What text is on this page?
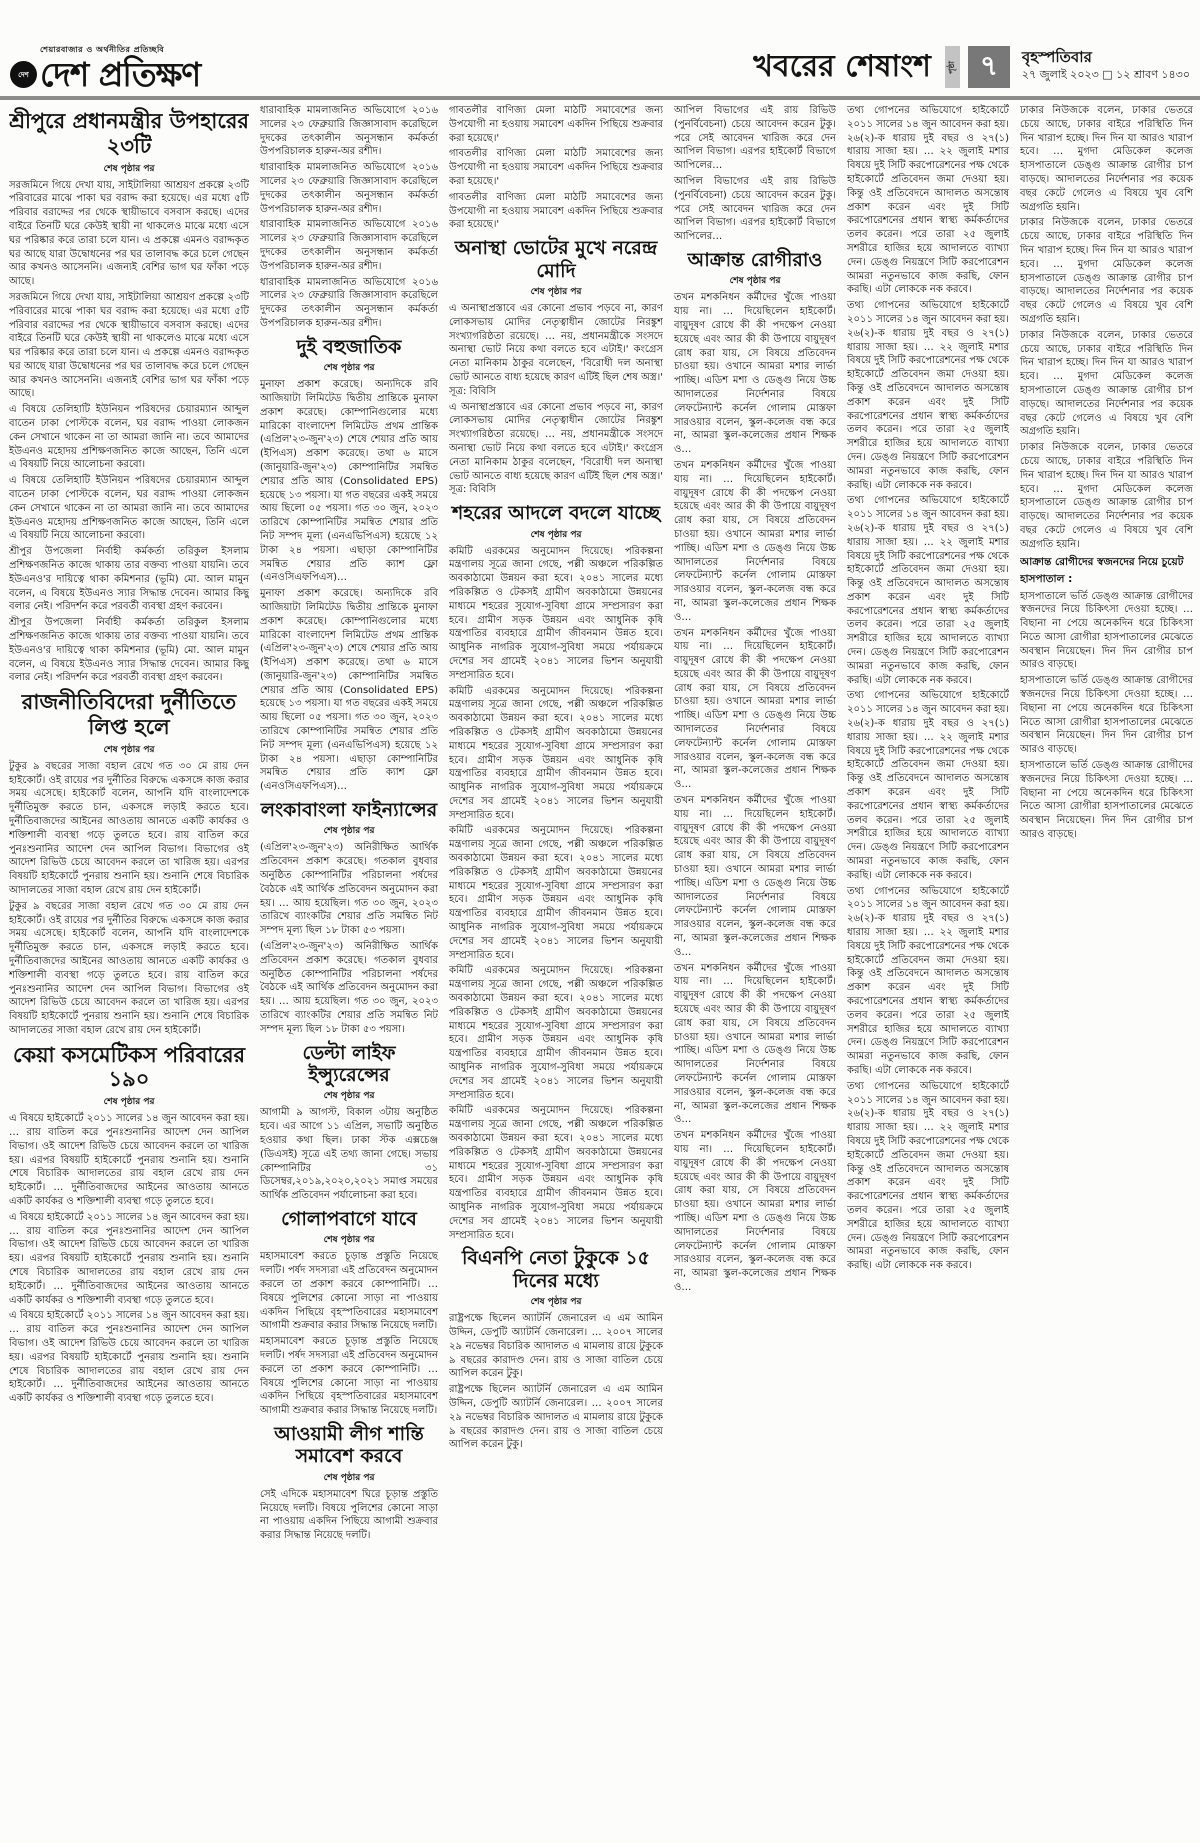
শেয়ারবাজার ও অর্থনীতির প্রতিচ্ছবি
দেশ দেশ প্রতিক্ষণ	খবরের শেষাংশ পৃষ্ঠা ৭	বৃহস্পতিবার
২৭ জুলাই ২০২৩ □ ১২ শ্রাবণ ১৪৩০
শ্রীপুরে প্রধানমন্ত্রীর উপহারের ২৩টি
শেষ পৃষ্ঠার পর

সরজমিনে গিয়ে দেখা যায়, সাইটালিয়া আশ্রয়ণ প্রকল্পে ২৩টি পরিবারের মাঝে পাকা ঘর বরাদ্দ করা হয়েছে। এর মধ্যে ৫টি পরিবার বরাদ্দের পর থেকে স্থায়ীভাবে বসবাস করছে। এদের বাইরে তিনটি ঘরে কেউই স্থায়ী না থাকলেও মাঝে মধ্যে এসে ঘর পরিষ্কার করে তারা চলে যান। এ প্রকল্পে এমনও বরাদ্দকৃত ঘর আছে যারা উদ্বোধনের পর ঘর তালাবদ্ধ করে চলে গেছেন আর কখনও আসেননি। এজন্যই বেশির ভাগ ঘর ফাঁকা পড়ে আছে।

সরজমিনে গিয়ে দেখা যায়, সাইটালিয়া আশ্রয়ণ প্রকল্পে ২৩টি পরিবারের মাঝে পাকা ঘর বরাদ্দ করা হয়েছে। এর মধ্যে ৫টি পরিবার বরাদ্দের পর থেকে স্থায়ীভাবে বসবাস করছে। এদের বাইরে তিনটি ঘরে কেউই স্থায়ী না থাকলেও মাঝে মধ্যে এসে ঘর পরিষ্কার করে তারা চলে যান। এ প্রকল্পে এমনও বরাদ্দকৃত ঘর আছে যারা উদ্বোধনের পর ঘর তালাবদ্ধ করে চলে গেছেন আর কখনও আসেননি। এজন্যই বেশির ভাগ ঘর ফাঁকা পড়ে আছে।

এ বিষয়ে তেলিহাটি ইউনিয়ন পরিষদের চেয়ারম্যান আব্দুল বাতেন ঢাকা পোস্টকে বলেন, ঘর বরাদ্দ পাওয়া লোকজন কেন সেখানে থাকেন না তা আমরা জানি না। তবে আমাদের ইউএনও মহোদয় প্রশিক্ষণজনিত কাজে আছেন, তিনি এলে এ বিষয়টি নিয়ে আলোচনা করবো।

এ বিষয়ে তেলিহাটি ইউনিয়ন পরিষদের চেয়ারম্যান আব্দুল বাতেন ঢাকা পোস্টকে বলেন, ঘর বরাদ্দ পাওয়া লোকজন কেন সেখানে থাকেন না তা আমরা জানি না। তবে আমাদের ইউএনও মহোদয় প্রশিক্ষণজনিত কাজে আছেন, তিনি এলে এ বিষয়টি নিয়ে আলোচনা করবো।

শ্রীপুর উপজেলা নির্বাহী কর্মকর্তা তরিকুল ইসলাম প্রশিক্ষণজনিত কাজে থাকায় তার বক্তব্য পাওয়া যায়নি। তবে ইউএনও'র দায়িত্বে থাকা কমিশনার (ভূমি) মো. আল মামুন বলেন, এ বিষয়ে ইউএনও স্যার সিদ্ধান্ত দেবেন। আমার কিছু বলার নেই। পরিদর্শন করে পরবর্তী ব্যবস্থা গ্রহণ করবেন।

শ্রীপুর উপজেলা নির্বাহী কর্মকর্তা তরিকুল ইসলাম প্রশিক্ষণজনিত কাজে থাকায় তার বক্তব্য পাওয়া যায়নি। তবে ইউএনও'র দায়িত্বে থাকা কমিশনার (ভূমি) মো. আল মামুন বলেন, এ বিষয়ে ইউএনও স্যার সিদ্ধান্ত দেবেন। আমার কিছু বলার নেই। পরিদর্শন করে পরবর্তী ব্যবস্থা গ্রহণ করবেন।

রাজনীতিবিদেরা দুর্নীতিতে লিপ্ত হলে
শেষ পৃষ্ঠার পর

টুকুর ৯ বছরের সাজা বহাল রেখে গত ৩০ মে রায় দেন হাইকোর্ট। ওই রায়ের পর দুর্নীতির বিরুদ্ধে একসঙ্গে কাজ করার সময় এসেছে। হাইকোর্ট বলেন, আপনি যদি বাংলাদেশকে দুর্নীতিমুক্ত করতে চান, একসঙ্গে লড়াই করতে হবে। দুর্নীতিবাজদের আইনের আওতায় আনতে একটি কার্যকর ও শক্তিশালী ব্যবস্থা গড়ে তুলতে হবে। রায় বাতিল করে পুনঃশুনানির আদেশ দেন আপিল বিভাগ। বিভাগের ওই আদেশ রিভিউ চেয়ে আবেদন করলে তা খারিজ হয়। এরপর বিষয়টি হাইকোর্টে পুনরায় শুনানি হয়। শুনানি শেষে বিচারিক আদালতের সাজা বহাল রেখে রায় দেন হাইকোর্ট।

টুকুর ৯ বছরের সাজা বহাল রেখে গত ৩০ মে রায় দেন হাইকোর্ট। ওই রায়ের পর দুর্নীতির বিরুদ্ধে একসঙ্গে কাজ করার সময় এসেছে। হাইকোর্ট বলেন, আপনি যদি বাংলাদেশকে দুর্নীতিমুক্ত করতে চান, একসঙ্গে লড়াই করতে হবে। দুর্নীতিবাজদের আইনের আওতায় আনতে একটি কার্যকর ও শক্তিশালী ব্যবস্থা গড়ে তুলতে হবে। রায় বাতিল করে পুনঃশুনানির আদেশ দেন আপিল বিভাগ। বিভাগের ওই আদেশ রিভিউ চেয়ে আবেদন করলে তা খারিজ হয়। এরপর বিষয়টি হাইকোর্টে পুনরায় শুনানি হয়। শুনানি শেষে বিচারিক আদালতের সাজা বহাল রেখে রায় দেন হাইকোর্ট।

কেয়া কসমেটিকস পরিবারের ১৯০
শেষ পৃষ্ঠার পর

এ বিষয়ে হাইকোর্টে ২০১১ সালের ১৪ জুন আবেদন করা হয়। … রায় বাতিল করে পুনঃশুনানির আদেশ দেন আপিল বিভাগ। ওই আদেশ রিভিউ চেয়ে আবেদন করলে তা খারিজ হয়। এরপর বিষয়টি হাইকোর্টে পুনরায় শুনানি হয়। শুনানি শেষে বিচারিক আদালতের রায় বহাল রেখে রায় দেন হাইকোর্ট। … দুর্নীতিবাজদের আইনের আওতায় আনতে একটি কার্যকর ও শক্তিশালী ব্যবস্থা গড়ে তুলতে হবে।

এ বিষয়ে হাইকোর্টে ২০১১ সালের ১৪ জুন আবেদন করা হয়। … রায় বাতিল করে পুনঃশুনানির আদেশ দেন আপিল বিভাগ। ওই আদেশ রিভিউ চেয়ে আবেদন করলে তা খারিজ হয়। এরপর বিষয়টি হাইকোর্টে পুনরায় শুনানি হয়। শুনানি শেষে বিচারিক আদালতের রায় বহাল রেখে রায় দেন হাইকোর্ট। … দুর্নীতিবাজদের আইনের আওতায় আনতে একটি কার্যকর ও শক্তিশালী ব্যবস্থা গড়ে তুলতে হবে।

এ বিষয়ে হাইকোর্টে ২০১১ সালের ১৪ জুন আবেদন করা হয়। … রায় বাতিল করে পুনঃশুনানির আদেশ দেন আপিল বিভাগ। ওই আদেশ রিভিউ চেয়ে আবেদন করলে তা খারিজ হয়। এরপর বিষয়টি হাইকোর্টে পুনরায় শুনানি হয়। শুনানি শেষে বিচারিক আদালতের রায় বহাল রেখে রায় দেন হাইকোর্ট। … দুর্নীতিবাজদের আইনের আওতায় আনতে একটি কার্যকর ও শক্তিশালী ব্যবস্থা গড়ে তুলতে হবে।

ধারাবাহিক মামলাজনিত অভিযোগে ২০১৬ সালের ২৩ ফেব্রুয়ারি জিজ্ঞাসাবাদ করেছিলে দুদকের তৎকালীন অনুসন্ধান কর্মকর্তা উপপরিচালক হারুন-অর রশীদ।

ধারাবাহিক মামলাজনিত অভিযোগে ২০১৬ সালের ২৩ ফেব্রুয়ারি জিজ্ঞাসাবাদ করেছিলে দুদকের তৎকালীন অনুসন্ধান কর্মকর্তা উপপরিচালক হারুন-অর রশীদ।

ধারাবাহিক মামলাজনিত অভিযোগে ২০১৬ সালের ২৩ ফেব্রুয়ারি জিজ্ঞাসাবাদ করেছিলে দুদকের তৎকালীন অনুসন্ধান কর্মকর্তা উপপরিচালক হারুন-অর রশীদ।

ধারাবাহিক মামলাজনিত অভিযোগে ২০১৬ সালের ২৩ ফেব্রুয়ারি জিজ্ঞাসাবাদ করেছিলে দুদকের তৎকালীন অনুসন্ধান কর্মকর্তা উপপরিচালক হারুন-অর রশীদ।

দুই বহুজাতিক
শেষ পৃষ্ঠার পর

মুনাফা প্রকাশ করেছে। অন্যদিকে রবি আজিয়াটা লিমিটেড দ্বিতীয় প্রান্তিকে মুনাফা প্রকাশ করেছে। কোম্পানিগুলোর মধ্যে মারিকো বাংলাদেশ লিমিটেড প্রথম প্রান্তিক (এপ্রিল'২৩-জুন'২৩) শেষে শেয়ার প্রতি আয় (ইপিএস) প্রকাশ করেছে। তথা ৬ মাসে (জানুয়ারি-জুন'২৩) কোম্পানিটির সমন্বিত শেয়ার প্রতি আয় (Consolidated EPS) হয়েছে ১৩ পয়সা। যা গত বছরের একই সময়ে আয় ছিলো ০৫ পয়সা। গত ৩০ জুন, ২০২৩ তারিখে কোম্পানিটির সমন্বিত শেয়ার প্রতি নিট সম্পদ মূল্য (এনএভিপিএস) হয়েছে ১২ টাকা ২৪ পয়সা। এছাড়া কোম্পানিটির সমন্বিত শেয়ার প্রতি ক্যাশ ফ্লো (এনওসিএফপিএস)…

মুনাফা প্রকাশ করেছে। অন্যদিকে রবি আজিয়াটা লিমিটেড দ্বিতীয় প্রান্তিকে মুনাফা প্রকাশ করেছে। কোম্পানিগুলোর মধ্যে মারিকো বাংলাদেশ লিমিটেড প্রথম প্রান্তিক (এপ্রিল'২৩-জুন'২৩) শেষে শেয়ার প্রতি আয় (ইপিএস) প্রকাশ করেছে। তথা ৬ মাসে (জানুয়ারি-জুন'২৩) কোম্পানিটির সমন্বিত শেয়ার প্রতি আয় (Consolidated EPS) হয়েছে ১৩ পয়সা। যা গত বছরের একই সময়ে আয় ছিলো ০৫ পয়সা। গত ৩০ জুন, ২০২৩ তারিখে কোম্পানিটির সমন্বিত শেয়ার প্রতি নিট সম্পদ মূল্য (এনএভিপিএস) হয়েছে ১২ টাকা ২৪ পয়সা। এছাড়া কোম্পানিটির সমন্বিত শেয়ার প্রতি ক্যাশ ফ্লো (এনওসিএফপিএস)…

লংকাবাংলা ফাইন্যান্সের
শেষ পৃষ্ঠার পর

(এপ্রিল'২৩-জুন'২৩) অনিরীক্ষিত আর্থিক প্রতিবেদন প্রকাশ করেছে। গতকাল বুধবার অনুষ্ঠিত কোম্পানিটির পরিচালনা পর্ষদের বৈঠকে এই আর্থিক প্রতিবেদন অনুমোদন করা হয়। … আয় হয়েছিল। গত ৩০ জুন, ২০২৩ তারিখে ব্যাংকটির শেয়ার প্রতি সমন্বিত নিট সম্পদ মূল্য ছিল ১৮ টাকা ৫৩ পয়সা।

(এপ্রিল'২৩-জুন'২৩) অনিরীক্ষিত আর্থিক প্রতিবেদন প্রকাশ করেছে। গতকাল বুধবার অনুষ্ঠিত কোম্পানিটির পরিচালনা পর্ষদের বৈঠকে এই আর্থিক প্রতিবেদন অনুমোদন করা হয়। … আয় হয়েছিল। গত ৩০ জুন, ২০২৩ তারিখে ব্যাংকটির শেয়ার প্রতি সমন্বিত নিট সম্পদ মূল্য ছিল ১৮ টাকা ৫৩ পয়সা।

ডেল্টা লাইফ ইন্স্যুরেন্সের
শেষ পৃষ্ঠার পর

আগামী ৯ আগস্ট, বিকাল ৩টায় অনুষ্ঠিত হবে। এর আগে ১১ এপ্রিল, সভাটি অনুষ্ঠিত হওয়ার কথা ছিল। ঢাকা স্টক এক্সচেঞ্জ (ডিএসই) সূত্রে এই তথ্য জানা গেছে। সভায় কোম্পানিটির ৩১ ডিসেম্বর,২০১৯,২০২০,২০২১ সমাপ্ত সময়ের আর্থিক প্রতিবেদন পর্যালোচনা করা হবে।

গোলাপবাগে যাবে
শেষ পৃষ্ঠার পর

মহাসমাবেশ করতে চূড়ান্ত প্রস্তুতি নিয়েছে দলটি। পর্ষদ সদস্যরা এই প্রতিবেদন অনুমোদন করলে তা প্রকাশ করবে কোম্পানিটি। … বিষয়ে পুলিশের কোনো সাড়া না পাওয়ায় একদিন পিছিয়ে বৃহস্পতিবারের মহাসমাবেশ আগামী শুক্রবার করার সিদ্ধান্ত নিয়েছে দলটি।

মহাসমাবেশ করতে চূড়ান্ত প্রস্তুতি নিয়েছে দলটি। পর্ষদ সদস্যরা এই প্রতিবেদন অনুমোদন করলে তা প্রকাশ করবে কোম্পানিটি। … বিষয়ে পুলিশের কোনো সাড়া না পাওয়ায় একদিন পিছিয়ে বৃহস্পতিবারের মহাসমাবেশ আগামী শুক্রবার করার সিদ্ধান্ত নিয়েছে দলটি।

আওয়ামী লীগ শান্তি সমাবেশ করবে
শেষ পৃষ্ঠার পর

সেই এদিকে মহাসমাবেশ ঘিরে চূড়ান্ত প্রস্তুতি নিয়েছে দলটি। বিষয়ে পুলিশের কোনো সাড়া না পাওয়ায় একদিন পিছিয়ে আগামী শুক্রবার করার সিদ্ধান্ত নিয়েছে দলটি।

গাবতলীর বাণিজ্য মেলা মাঠটি সমাবেশের জন্য উপযোগী না হওয়ায় সমাবেশ একদিন পিছিয়ে শুক্রবার করা হয়েছে।'

গাবতলীর বাণিজ্য মেলা মাঠটি সমাবেশের জন্য উপযোগী না হওয়ায় সমাবেশ একদিন পিছিয়ে শুক্রবার করা হয়েছে।'

গাবতলীর বাণিজ্য মেলা মাঠটি সমাবেশের জন্য উপযোগী না হওয়ায় সমাবেশ একদিন পিছিয়ে শুক্রবার করা হয়েছে।'

অনাস্থা ভোটের মুখে নরেন্দ্র মোদি
শেষ পৃষ্ঠার পর

এ অনাস্থাপ্রস্তাবে এর কোনো প্রভাব পড়বে না, কারণ লোকসভায় মোদির নেতৃত্বাধীন জোটের নিরঙ্কুশ সংখ্যাগরিষ্ঠতা রয়েছে। … নয়, প্রধানমন্ত্রীকে সংসদে অনাস্থা ভোট নিয়ে কথা বলতে হবে এটাই।' কংগ্রেস নেতা মানিকাম ঠাকুর বলেছেন, 'বিরোধী দল অনাস্থা ভোট আনতে বাধ্য হয়েছে কারণ এটিই ছিল শেষ অস্ত্র।' সূত্র: বিবিসি

এ অনাস্থাপ্রস্তাবে এর কোনো প্রভাব পড়বে না, কারণ লোকসভায় মোদির নেতৃত্বাধীন জোটের নিরঙ্কুশ সংখ্যাগরিষ্ঠতা রয়েছে। … নয়, প্রধানমন্ত্রীকে সংসদে অনাস্থা ভোট নিয়ে কথা বলতে হবে এটাই।' কংগ্রেস নেতা মানিকাম ঠাকুর বলেছেন, 'বিরোধী দল অনাস্থা ভোট আনতে বাধ্য হয়েছে কারণ এটিই ছিল শেষ অস্ত্র।' সূত্র: বিবিসি

শহরের আদলে বদলে যাচ্ছে
শেষ পৃষ্ঠার পর

কমিটি এরকমের অনুমোদন দিয়েছে। পরিকল্পনা মন্ত্রণালয় সূত্রে জানা গেছে, পল্লী অঞ্চলে পরিকল্পিত অবকাঠামো উন্নয়ন করা হবে। ২০৪১ সালের মধ্যে পরিকল্পিত ও টেকসই গ্রামীণ অবকাঠামো উন্নয়নের মাধ্যমে শহরের সুযোগ-সুবিধা গ্রামে সম্প্রসারণ করা হবে। গ্রামীণ সড়ক উন্নয়ন এবং আধুনিক কৃষি যন্ত্রপাতির ব্যবহারে গ্রামীণ জীবনমান উন্নত হবে। আধুনিক নাগরিক সুযোগ-সুবিধা সময়ে পর্যায়ক্রমে দেশের সব গ্রামেই ২০৪১ সালের ভিশন অনুযায়ী সম্প্রসারিত হবে।

কমিটি এরকমের অনুমোদন দিয়েছে। পরিকল্পনা মন্ত্রণালয় সূত্রে জানা গেছে, পল্লী অঞ্চলে পরিকল্পিত অবকাঠামো উন্নয়ন করা হবে। ২০৪১ সালের মধ্যে পরিকল্পিত ও টেকসই গ্রামীণ অবকাঠামো উন্নয়নের মাধ্যমে শহরের সুযোগ-সুবিধা গ্রামে সম্প্রসারণ করা হবে। গ্রামীণ সড়ক উন্নয়ন এবং আধুনিক কৃষি যন্ত্রপাতির ব্যবহারে গ্রামীণ জীবনমান উন্নত হবে। আধুনিক নাগরিক সুযোগ-সুবিধা সময়ে পর্যায়ক্রমে দেশের সব গ্রামেই ২০৪১ সালের ভিশন অনুযায়ী সম্প্রসারিত হবে।

কমিটি এরকমের অনুমোদন দিয়েছে। পরিকল্পনা মন্ত্রণালয় সূত্রে জানা গেছে, পল্লী অঞ্চলে পরিকল্পিত অবকাঠামো উন্নয়ন করা হবে। ২০৪১ সালের মধ্যে পরিকল্পিত ও টেকসই গ্রামীণ অবকাঠামো উন্নয়নের মাধ্যমে শহরের সুযোগ-সুবিধা গ্রামে সম্প্রসারণ করা হবে। গ্রামীণ সড়ক উন্নয়ন এবং আধুনিক কৃষি যন্ত্রপাতির ব্যবহারে গ্রামীণ জীবনমান উন্নত হবে। আধুনিক নাগরিক সুযোগ-সুবিধা সময়ে পর্যায়ক্রমে দেশের সব গ্রামেই ২০৪১ সালের ভিশন অনুযায়ী সম্প্রসারিত হবে।

কমিটি এরকমের অনুমোদন দিয়েছে। পরিকল্পনা মন্ত্রণালয় সূত্রে জানা গেছে, পল্লী অঞ্চলে পরিকল্পিত অবকাঠামো উন্নয়ন করা হবে। ২০৪১ সালের মধ্যে পরিকল্পিত ও টেকসই গ্রামীণ অবকাঠামো উন্নয়নের মাধ্যমে শহরের সুযোগ-সুবিধা গ্রামে সম্প্রসারণ করা হবে। গ্রামীণ সড়ক উন্নয়ন এবং আধুনিক কৃষি যন্ত্রপাতির ব্যবহারে গ্রামীণ জীবনমান উন্নত হবে। আধুনিক নাগরিক সুযোগ-সুবিধা সময়ে পর্যায়ক্রমে দেশের সব গ্রামেই ২০৪১ সালের ভিশন অনুযায়ী সম্প্রসারিত হবে।

কমিটি এরকমের অনুমোদন দিয়েছে। পরিকল্পনা মন্ত্রণালয় সূত্রে জানা গেছে, পল্লী অঞ্চলে পরিকল্পিত অবকাঠামো উন্নয়ন করা হবে। ২০৪১ সালের মধ্যে পরিকল্পিত ও টেকসই গ্রামীণ অবকাঠামো উন্নয়নের মাধ্যমে শহরের সুযোগ-সুবিধা গ্রামে সম্প্রসারণ করা হবে। গ্রামীণ সড়ক উন্নয়ন এবং আধুনিক কৃষি যন্ত্রপাতির ব্যবহারে গ্রামীণ জীবনমান উন্নত হবে। আধুনিক নাগরিক সুযোগ-সুবিধা সময়ে পর্যায়ক্রমে দেশের সব গ্রামেই ২০৪১ সালের ভিশন অনুযায়ী সম্প্রসারিত হবে।

বিএনপি নেতা টুকুকে ১৫ দিনের মধ্যে
শেষ পৃষ্ঠার পর

রাষ্ট্রপক্ষে ছিলেন অ্যাটর্নি জেনারেল এ এম আমিন উদ্দিন, ডেপুটি অ্যাটর্নি জেনারেল। … ২০০৭ সালের ২৯ নভেম্বর বিচারিক আদালত এ মামলায় রায়ে টুকুকে ৯ বছরের কারাদণ্ড দেন। রায় ও সাজা বাতিল চেয়ে আপিল করেন টুকু।

রাষ্ট্রপক্ষে ছিলেন অ্যাটর্নি জেনারেল এ এম আমিন উদ্দিন, ডেপুটি অ্যাটর্নি জেনারেল। … ২০০৭ সালের ২৯ নভেম্বর বিচারিক আদালত এ মামলায় রায়ে টুকুকে ৯ বছরের কারাদণ্ড দেন। রায় ও সাজা বাতিল চেয়ে আপিল করেন টুকু।

আপিল বিভাগের এই রায় রিভিউ (পুনর্বিবেচনা) চেয়ে আবেদন করেন টুকু। পরে সেই আবেদন খারিজ করে দেন আপিল বিভাগ। এরপর হাইকোর্ট বিভাগে আপিলের…

আপিল বিভাগের এই রায় রিভিউ (পুনর্বিবেচনা) চেয়ে আবেদন করেন টুকু। পরে সেই আবেদন খারিজ করে দেন আপিল বিভাগ। এরপর হাইকোর্ট বিভাগে আপিলের…

আক্রান্ত রোগীরাও
শেষ পৃষ্ঠার পর

তখন মশকনিধন কর্মীদের খুঁজে পাওয়া যায় না। … দিয়েছিলেন হাইকোর্ট। বায়ুদূষণ রোধে কী কী পদক্ষেপ নেওয়া হয়েছে এবং আর কী কী উপায়ে বায়ুদূষণ রোধ করা যায়, সে বিষয়ে প্রতিবেদন চাওয়া হয়। ওখানে আমরা মশার লার্ভা পাচ্ছি। এডিশ মশা ও ডেঙ্গু নিয়ে উচ্চ আদালতের নির্দেশনার বিষয়ে লেফটেন্যান্ট কর্নেল গোলাম মোস্তফা সারওয়ার বলেন, স্কুল-কলেজ বন্ধ করে না, আমরা স্কুল-কলেজের প্রধান শিক্ষক ও…

তখন মশকনিধন কর্মীদের খুঁজে পাওয়া যায় না। … দিয়েছিলেন হাইকোর্ট। বায়ুদূষণ রোধে কী কী পদক্ষেপ নেওয়া হয়েছে এবং আর কী কী উপায়ে বায়ুদূষণ রোধ করা যায়, সে বিষয়ে প্রতিবেদন চাওয়া হয়। ওখানে আমরা মশার লার্ভা পাচ্ছি। এডিশ মশা ও ডেঙ্গু নিয়ে উচ্চ আদালতের নির্দেশনার বিষয়ে লেফটেন্যান্ট কর্নেল গোলাম মোস্তফা সারওয়ার বলেন, স্কুল-কলেজ বন্ধ করে না, আমরা স্কুল-কলেজের প্রধান শিক্ষক ও…

তখন মশকনিধন কর্মীদের খুঁজে পাওয়া যায় না। … দিয়েছিলেন হাইকোর্ট। বায়ুদূষণ রোধে কী কী পদক্ষেপ নেওয়া হয়েছে এবং আর কী কী উপায়ে বায়ুদূষণ রোধ করা যায়, সে বিষয়ে প্রতিবেদন চাওয়া হয়। ওখানে আমরা মশার লার্ভা পাচ্ছি। এডিশ মশা ও ডেঙ্গু নিয়ে উচ্চ আদালতের নির্দেশনার বিষয়ে লেফটেন্যান্ট কর্নেল গোলাম মোস্তফা সারওয়ার বলেন, স্কুল-কলেজ বন্ধ করে না, আমরা স্কুল-কলেজের প্রধান শিক্ষক ও…

তখন মশকনিধন কর্মীদের খুঁজে পাওয়া যায় না। … দিয়েছিলেন হাইকোর্ট। বায়ুদূষণ রোধে কী কী পদক্ষেপ নেওয়া হয়েছে এবং আর কী কী উপায়ে বায়ুদূষণ রোধ করা যায়, সে বিষয়ে প্রতিবেদন চাওয়া হয়। ওখানে আমরা মশার লার্ভা পাচ্ছি। এডিশ মশা ও ডেঙ্গু নিয়ে উচ্চ আদালতের নির্দেশনার বিষয়ে লেফটেন্যান্ট কর্নেল গোলাম মোস্তফা সারওয়ার বলেন, স্কুল-কলেজ বন্ধ করে না, আমরা স্কুল-কলেজের প্রধান শিক্ষক ও…

তখন মশকনিধন কর্মীদের খুঁজে পাওয়া যায় না। … দিয়েছিলেন হাইকোর্ট। বায়ুদূষণ রোধে কী কী পদক্ষেপ নেওয়া হয়েছে এবং আর কী কী উপায়ে বায়ুদূষণ রোধ করা যায়, সে বিষয়ে প্রতিবেদন চাওয়া হয়। ওখানে আমরা মশার লার্ভা পাচ্ছি। এডিশ মশা ও ডেঙ্গু নিয়ে উচ্চ আদালতের নির্দেশনার বিষয়ে লেফটেন্যান্ট কর্নেল গোলাম মোস্তফা সারওয়ার বলেন, স্কুল-কলেজ বন্ধ করে না, আমরা স্কুল-কলেজের প্রধান শিক্ষক ও…

তখন মশকনিধন কর্মীদের খুঁজে পাওয়া যায় না। … দিয়েছিলেন হাইকোর্ট। বায়ুদূষণ রোধে কী কী পদক্ষেপ নেওয়া হয়েছে এবং আর কী কী উপায়ে বায়ুদূষণ রোধ করা যায়, সে বিষয়ে প্রতিবেদন চাওয়া হয়। ওখানে আমরা মশার লার্ভা পাচ্ছি। এডিশ মশা ও ডেঙ্গু নিয়ে উচ্চ আদালতের নির্দেশনার বিষয়ে লেফটেন্যান্ট কর্নেল গোলাম মোস্তফা সারওয়ার বলেন, স্কুল-কলেজ বন্ধ করে না, আমরা স্কুল-কলেজের প্রধান শিক্ষক ও…

তথ্য গোপনের অভিযোগে হাইকোর্টে ২০১১ সালের ১৪ জুন আবেদন করা হয়। ২৬(২)-ক ধারায় দুই বছর ও ২৭(১) ধারায় সাজা হয়। … ২২ জুলাই মশার বিষয়ে দুই সিটি করপোরেশনের পক্ষ থেকে হাইকোর্টে প্রতিবেদন জমা দেওয়া হয়। কিন্তু ওই প্রতিবেদনে আদালত অসন্তোষ প্রকাশ করেন এবং দুই সিটি করপোরেশনের প্রধান স্বাস্থ্য কর্মকর্তাদের তলব করেন। পরে তারা ২৫ জুলাই সশরীরে হাজির হয়ে আদালতে ব্যাখ্যা দেন। ডেঙ্গু নিয়ন্ত্রণে সিটি করপোরেশন আমরা নতুনভাবে কাজ করছি, ফোন করছি। এটা লোককে নক করবে।

তথ্য গোপনের অভিযোগে হাইকোর্টে ২০১১ সালের ১৪ জুন আবেদন করা হয়। ২৬(২)-ক ধারায় দুই বছর ও ২৭(১) ধারায় সাজা হয়। … ২২ জুলাই মশার বিষয়ে দুই সিটি করপোরেশনের পক্ষ থেকে হাইকোর্টে প্রতিবেদন জমা দেওয়া হয়। কিন্তু ওই প্রতিবেদনে আদালত অসন্তোষ প্রকাশ করেন এবং দুই সিটি করপোরেশনের প্রধান স্বাস্থ্য কর্মকর্তাদের তলব করেন। পরে তারা ২৫ জুলাই সশরীরে হাজির হয়ে আদালতে ব্যাখ্যা দেন। ডেঙ্গু নিয়ন্ত্রণে সিটি করপোরেশন আমরা নতুনভাবে কাজ করছি, ফোন করছি। এটা লোককে নক করবে।

তথ্য গোপনের অভিযোগে হাইকোর্টে ২০১১ সালের ১৪ জুন আবেদন করা হয়। ২৬(২)-ক ধারায় দুই বছর ও ২৭(১) ধারায় সাজা হয়। … ২২ জুলাই মশার বিষয়ে দুই সিটি করপোরেশনের পক্ষ থেকে হাইকোর্টে প্রতিবেদন জমা দেওয়া হয়। কিন্তু ওই প্রতিবেদনে আদালত অসন্তোষ প্রকাশ করেন এবং দুই সিটি করপোরেশনের প্রধান স্বাস্থ্য কর্মকর্তাদের তলব করেন। পরে তারা ২৫ জুলাই সশরীরে হাজির হয়ে আদালতে ব্যাখ্যা দেন। ডেঙ্গু নিয়ন্ত্রণে সিটি করপোরেশন আমরা নতুনভাবে কাজ করছি, ফোন করছি। এটা লোককে নক করবে।

তথ্য গোপনের অভিযোগে হাইকোর্টে ২০১১ সালের ১৪ জুন আবেদন করা হয়। ২৬(২)-ক ধারায় দুই বছর ও ২৭(১) ধারায় সাজা হয়। … ২২ জুলাই মশার বিষয়ে দুই সিটি করপোরেশনের পক্ষ থেকে হাইকোর্টে প্রতিবেদন জমা দেওয়া হয়। কিন্তু ওই প্রতিবেদনে আদালত অসন্তোষ প্রকাশ করেন এবং দুই সিটি করপোরেশনের প্রধান স্বাস্থ্য কর্মকর্তাদের তলব করেন। পরে তারা ২৫ জুলাই সশরীরে হাজির হয়ে আদালতে ব্যাখ্যা দেন। ডেঙ্গু নিয়ন্ত্রণে সিটি করপোরেশন আমরা নতুনভাবে কাজ করছি, ফোন করছি। এটা লোককে নক করবে।

তথ্য গোপনের অভিযোগে হাইকোর্টে ২০১১ সালের ১৪ জুন আবেদন করা হয়। ২৬(২)-ক ধারায় দুই বছর ও ২৭(১) ধারায় সাজা হয়। … ২২ জুলাই মশার বিষয়ে দুই সিটি করপোরেশনের পক্ষ থেকে হাইকোর্টে প্রতিবেদন জমা দেওয়া হয়। কিন্তু ওই প্রতিবেদনে আদালত অসন্তোষ প্রকাশ করেন এবং দুই সিটি করপোরেশনের প্রধান স্বাস্থ্য কর্মকর্তাদের তলব করেন। পরে তারা ২৫ জুলাই সশরীরে হাজির হয়ে আদালতে ব্যাখ্যা দেন। ডেঙ্গু নিয়ন্ত্রণে সিটি করপোরেশন আমরা নতুনভাবে কাজ করছি, ফোন করছি। এটা লোককে নক করবে।

তথ্য গোপনের অভিযোগে হাইকোর্টে ২০১১ সালের ১৪ জুন আবেদন করা হয়। ২৬(২)-ক ধারায় দুই বছর ও ২৭(১) ধারায় সাজা হয়। … ২২ জুলাই মশার বিষয়ে দুই সিটি করপোরেশনের পক্ষ থেকে হাইকোর্টে প্রতিবেদন জমা দেওয়া হয়। কিন্তু ওই প্রতিবেদনে আদালত অসন্তোষ প্রকাশ করেন এবং দুই সিটি করপোরেশনের প্রধান স্বাস্থ্য কর্মকর্তাদের তলব করেন। পরে তারা ২৫ জুলাই সশরীরে হাজির হয়ে আদালতে ব্যাখ্যা দেন। ডেঙ্গু নিয়ন্ত্রণে সিটি করপোরেশন আমরা নতুনভাবে কাজ করছি, ফোন করছি। এটা লোককে নক করবে।

ঢাকার নিউজকে বলেন, ঢাকার ভেতরে চেয়ে আছে, ঢাকার বাইরে পরিস্থিতি দিন দিন খারাপ হচ্ছে। দিন দিন যা আরও খারাপ হবে। … মুগদা মেডিকেল কলেজ হাসপাতালে ডেঙ্গু আক্রান্ত রোগীর চাপ বাড়ছে। আদালতের নির্দেশনার পর কয়েক বছর কেটে গেলেও এ বিষয়ে খুব বেশি অগ্রগতি হয়নি।

ঢাকার নিউজকে বলেন, ঢাকার ভেতরে চেয়ে আছে, ঢাকার বাইরে পরিস্থিতি দিন দিন খারাপ হচ্ছে। দিন দিন যা আরও খারাপ হবে। … মুগদা মেডিকেল কলেজ হাসপাতালে ডেঙ্গু আক্রান্ত রোগীর চাপ বাড়ছে। আদালতের নির্দেশনার পর কয়েক বছর কেটে গেলেও এ বিষয়ে খুব বেশি অগ্রগতি হয়নি।

ঢাকার নিউজকে বলেন, ঢাকার ভেতরে চেয়ে আছে, ঢাকার বাইরে পরিস্থিতি দিন দিন খারাপ হচ্ছে। দিন দিন যা আরও খারাপ হবে। … মুগদা মেডিকেল কলেজ হাসপাতালে ডেঙ্গু আক্রান্ত রোগীর চাপ বাড়ছে। আদালতের নির্দেশনার পর কয়েক বছর কেটে গেলেও এ বিষয়ে খুব বেশি অগ্রগতি হয়নি।

ঢাকার নিউজকে বলেন, ঢাকার ভেতরে চেয়ে আছে, ঢাকার বাইরে পরিস্থিতি দিন দিন খারাপ হচ্ছে। দিন দিন যা আরও খারাপ হবে। … মুগদা মেডিকেল কলেজ হাসপাতালে ডেঙ্গু আক্রান্ত রোগীর চাপ বাড়ছে। আদালতের নির্দেশনার পর কয়েক বছর কেটে গেলেও এ বিষয়ে খুব বেশি অগ্রগতি হয়নি।

আক্রান্ত রোগীদের স্বজনদের নিয়ে চুয়েট হাসপাতাল :

হাসপাতালে ভর্তি ডেঙ্গু আক্রান্ত রোগীদের স্বজনদের নিয়ে চিকিৎসা দেওয়া হচ্ছে। … বিছানা না পেয়ে অনেকদিন ধরে চিকিৎসা নিতে আসা রোগীরা হাসপাতালের মেঝেতে অবস্থান নিয়েছেন। দিন দিন রোগীর চাপ আরও বাড়ছে।

হাসপাতালে ভর্তি ডেঙ্গু আক্রান্ত রোগীদের স্বজনদের নিয়ে চিকিৎসা দেওয়া হচ্ছে। … বিছানা না পেয়ে অনেকদিন ধরে চিকিৎসা নিতে আসা রোগীরা হাসপাতালের মেঝেতে অবস্থান নিয়েছেন। দিন দিন রোগীর চাপ আরও বাড়ছে।

হাসপাতালে ভর্তি ডেঙ্গু আক্রান্ত রোগীদের স্বজনদের নিয়ে চিকিৎসা দেওয়া হচ্ছে। … বিছানা না পেয়ে অনেকদিন ধরে চিকিৎসা নিতে আসা রোগীরা হাসপাতালের মেঝেতে অবস্থান নিয়েছেন। দিন দিন রোগীর চাপ আরও বাড়ছে।
